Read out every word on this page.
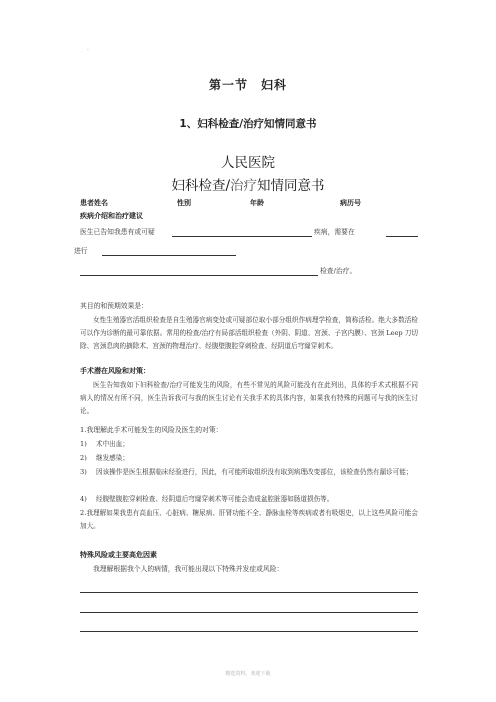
.
第一节　妇科
1、妇科检查/治疗知情同意书
人民医院
妇科检查/治疗知情同意书
患者姓名	性别	年龄	病历号
疾病介绍和治疗建议
医生已告知我患有或可疑	疾病，需要在
进行
检查/治疗。
其目的和预期效果是：
女性生殖器官活组织检查是自生殖器官病变处或可疑部位取小部分组织作病理学检查，简称活检。绝大多数活检可以作为诊断的最可靠依据。常用的检查/治疗有局部活组织检查（外阴、阴道、宫颈、子宫内膜）、宫颈 Leep 刀切除、宫颈息肉的摘除术、宫颈的物理治疗、经腹壁腹腔穿刺检查、经阴道后穹窿穿刺术。
手术潜在风险和对策：
医生告知我如下妇科检查/治疗可能发生的风险，有些不常见的风险可能没有在此列出，具体的手术式根据不同病人的情况有所不同，医生告诉我可与我的医生讨论有关我手术的具体内容，如果我有特殊的问题可与我的医生讨论。
1.我理解此手术可能发生的风险及医生的对策：
1) 术中出血；
2) 继发感染；
3)	因该操作是医生根据临床经验进行，因此，有可能所取组织没有取到病理改变部位，该检查仍然有漏诊可能；
4)	经腹壁腹腔穿刺检查、经阴道后穹窿穿刺术等可能会造成盆腔脏器如肠道损伤等。
2.我理解如果我患有高血压、心脏病、糖尿病、肝肾功能不全、静脉血栓等疾病或者有吸烟史，以上这些风险可能会加大。
特殊风险或主要高危因素
我理解根据我个人的病情，我可能出现以下特殊并发症或风险：
精选资料，欢迎下载
